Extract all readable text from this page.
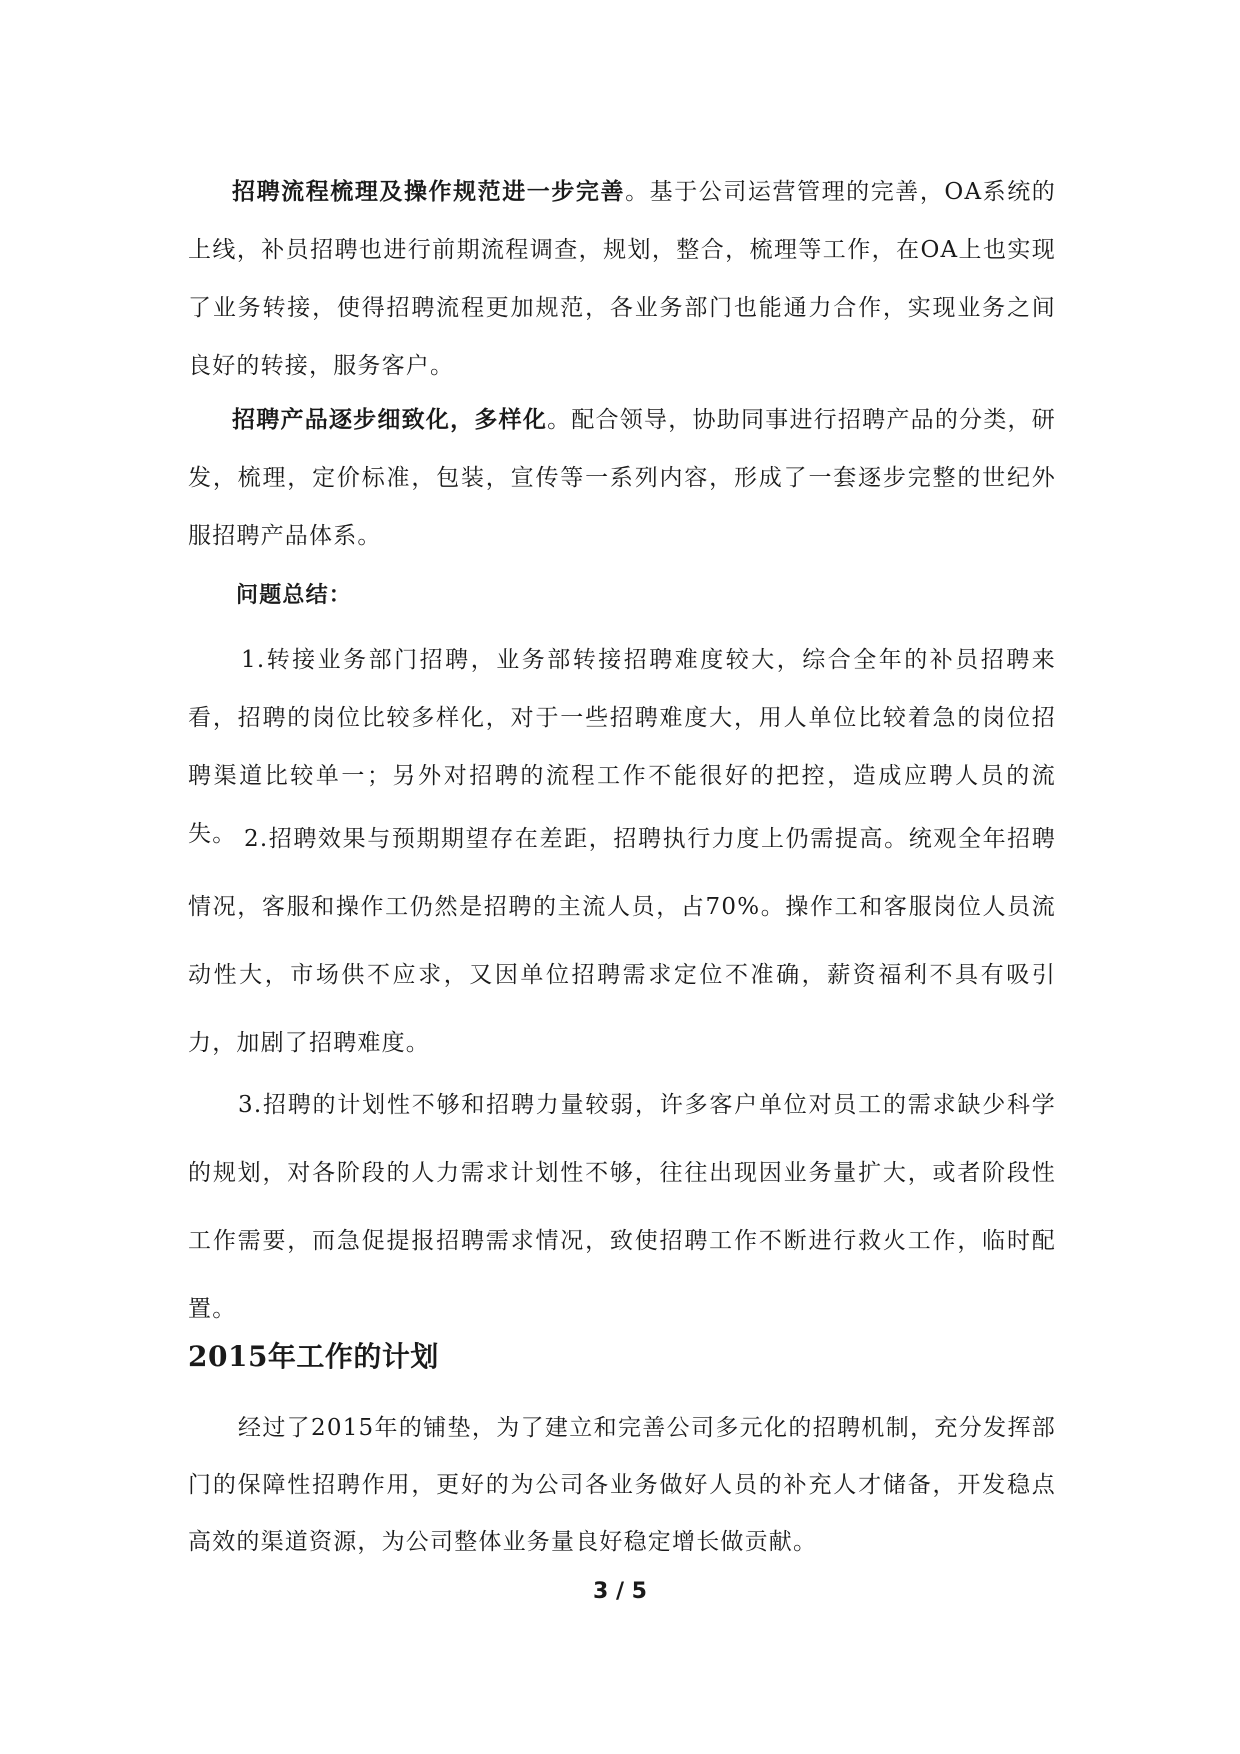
招聘流程梳理及操作规范进一步完善。基于公司运营管理的完善，OA系统的上线，补员招聘也进行前期流程调查，规划，整合，梳理等工作，在OA上也实现了业务转接，使得招聘流程更加规范，各业务部门也能通力合作，实现业务之间良好的转接，服务客户。

招聘产品逐步细致化，多样化。配合领导，协助同事进行招聘产品的分类，研发，梳理，定价标准，包装，宣传等一系列内容，形成了一套逐步完整的世纪外服招聘产品体系。

问题总结：

1.转接业务部门招聘，业务部转接招聘难度较大，综合全年的补员招聘来看，招聘的岗位比较多样化，对于一些招聘难度大，用人单位比较着急的岗位招聘渠道比较单一；另外对招聘的流程工作不能很好的把控，造成应聘人员的流失。 2.招聘效果与预期期望存在差距，招聘执行力度上仍需提高。统观全年招聘情况，客服和操作工仍然是招聘的主流人员，占70%。操作工和客服岗位人员流动性大，市场供不应求，又因单位招聘需求定位不准确，薪资福利不具有吸引力，加剧了招聘难度。

3.招聘的计划性不够和招聘力量较弱，许多客户单位对员工的需求缺少科学的规划，对各阶段的人力需求计划性不够，往往出现因业务量扩大，或者阶段性工作需要，而急促提报招聘需求情况，致使招聘工作不断进行救火工作，临时配置。

2015年工作的计划

经过了2015年的铺垫，为了建立和完善公司多元化的招聘机制，充分发挥部门的保障性招聘作用，更好的为公司各业务做好人员的补充人才储备，开发稳点高效的渠道资源，为公司整体业务量良好稳定增长做贡献。

3 / 5
